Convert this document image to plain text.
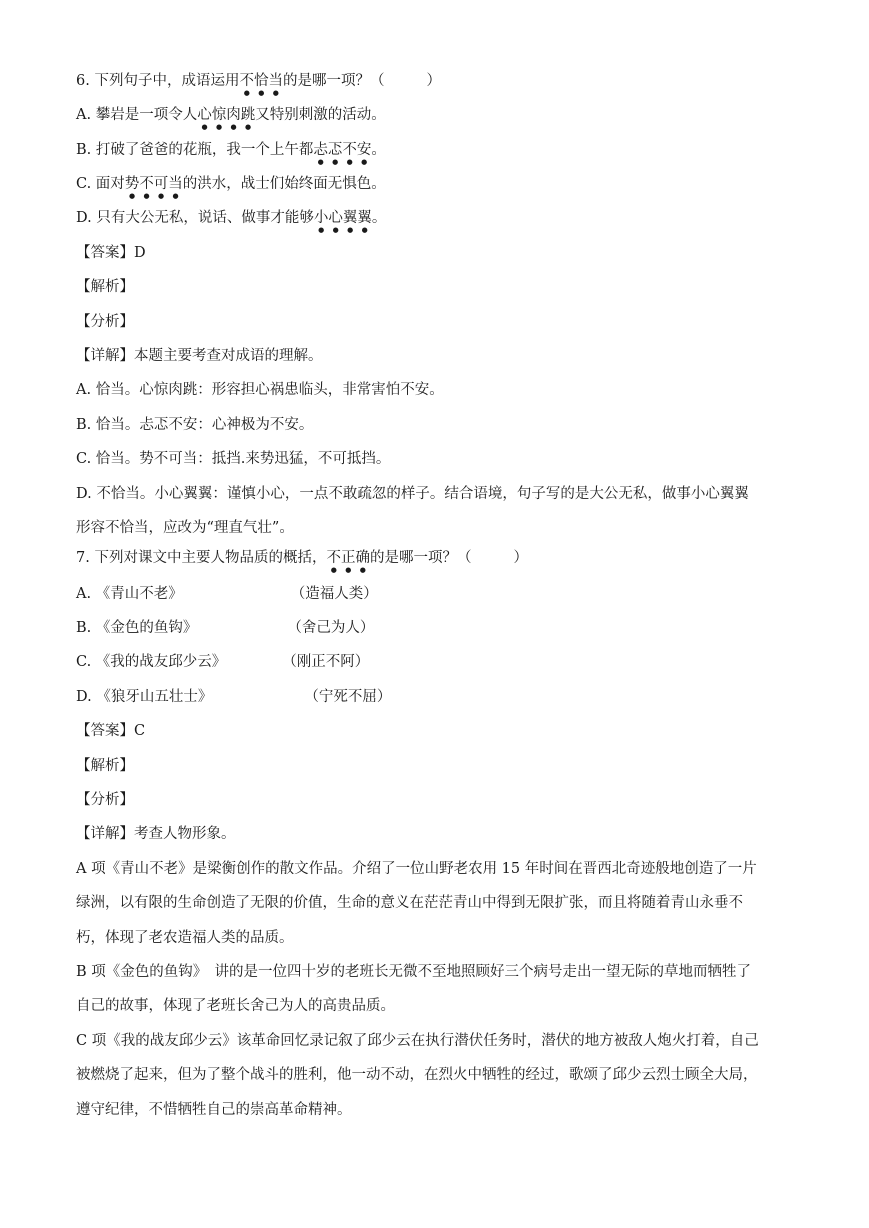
6. 下列句子中，成语运用不恰当的是哪一项？（	）
A. 攀岩是一项令人心惊肉跳又特别刺激的活动。
B. 打破了爸爸的花瓶，我一个上午都忐忑不安。
C. 面对势不可当的洪水，战士们始终面无惧色。
D. 只有大公无私，说话、做事才能够小心翼翼。
【答案】D
【解析】
【分析】
【详解】本题主要考查对成语的理解。
A. 恰当。心惊肉跳：形容担心祸患临头，非常害怕不安。
B. 恰当。忐忑不安：心神极为不安。
C. 恰当。势不可当：抵挡.来势迅猛，不可抵挡。
D. 不恰当。小心翼翼：谨慎小心，一点不敢疏忽的样子。结合语境，句子写的是大公无私，做事小心翼翼
形容不恰当，应改为“理直气壮”。
7. 下列对课文中主要人物品质的概括，不正确的是哪一项？（	）
A. 《青山不老》	（造福人类）
B. 《金色的鱼钩》	（舍己为人）
C. 《我的战友邱少云》	（刚正不阿）
D. 《狼牙山五壮士》	（宁死不屈）
【答案】C
【解析】
【分析】
【详解】考查人物形象。
A 项《青山不老》是梁衡创作的散文作品。介绍了一位山野老农用 15 年时间在晋西北奇迹般地创造了一片
绿洲，以有限的生命创造了无限的价值，生命的意义在茫茫青山中得到无限扩张，而且将随着青山永垂不
朽，体现了老农造福人类的品质。
B 项《金色的鱼钩》　讲的是一位四十岁的老班长无微不至地照顾好三个病号走出一望无际的草地而牺牲了
自己的故事，体现了老班长舍己为人的高贵品质。
C 项《我的战友邱少云》该革命回忆录记叙了邱少云在执行潜伏任务时，潜伏的地方被敌人炮火打着，自己
被燃烧了起来，但为了整个战斗的胜利，他一动不动，在烈火中牺牲的经过，歌颂了邱少云烈士顾全大局，
遵守纪律，不惜牺牲自己的崇高革命精神。
